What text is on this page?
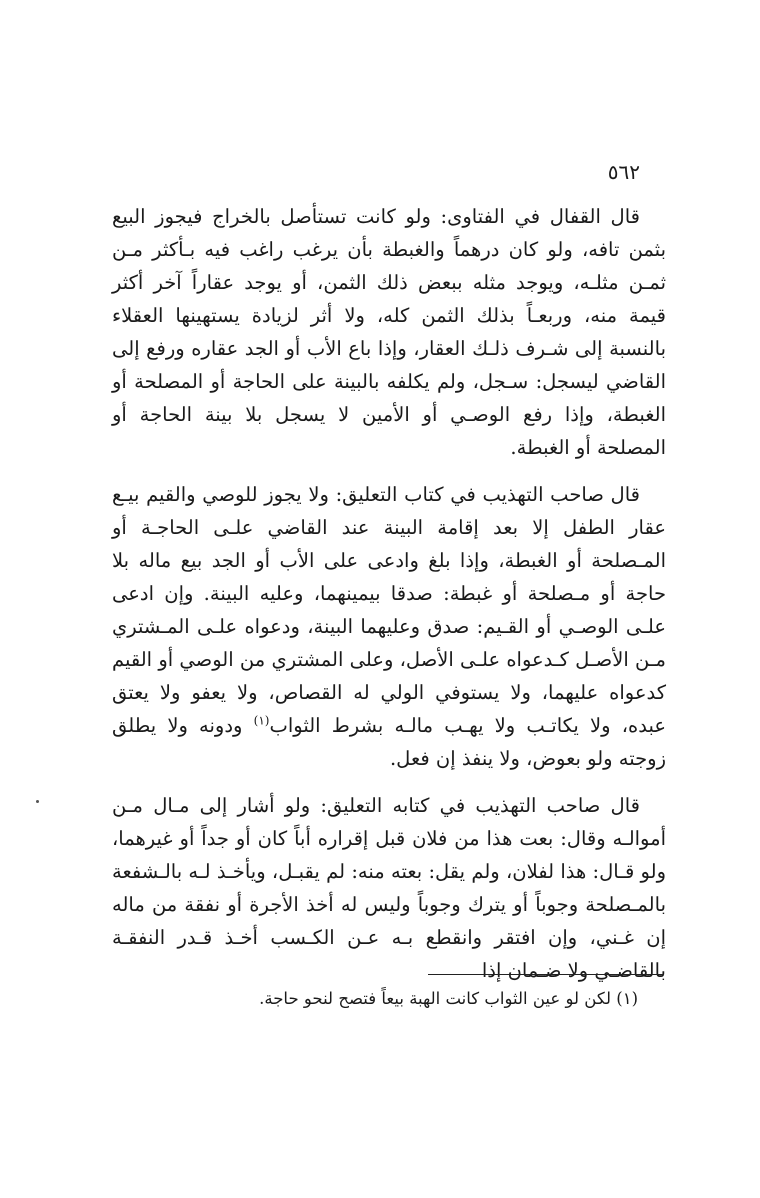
٥٦٢

قال القفال في الفتاوى: ولو كانت تستأصل بالخراج فيجوز البيع بثمن تافه، ولو كان درهماً والغبطة بأن يرغب راغب فيه بـأكثر مـن ثمـن مثلـه، ويوجد مثله ببعض ذلك الثمن، أو يوجد عقاراً آخر أكثر قيمة منه، وربعـاً بذلك الثمن كله، ولا أثر لزيادة يستهينها العقلاء بالنسبة إلى شـرف ذلـك العقار، وإذا باع الأب أو الجد عقاره ورفع إلى القاضي ليسجل: سـجل، ولم يكلفه بالبينة على الحاجة أو المصلحة أو الغبطة، وإذا رفع الوصـي أو الأمين لا يسجل بلا بينة الحاجة أو المصلحة أو الغبطة.

قال صاحب التهذيب في كتاب التعليق: ولا يجوز للوصي والقيم بيـع عقار الطفل إلا بعد إقامة البينة عند القاضي علـى الحاجـة أو المـصلحة أو الغبطة، وإذا بلغ وادعى على الأب أو الجد بيع ماله بلا حاجة أو مـصلحة أو غبطة: صدقا بيمينهما، وعليه البينة. وإن ادعى علـى الوصـي أو القـيم: صدق وعليهما البينة، ودعواه علـى المـشتري مـن الأصـل كـدعواه علـى الأصل، وعلى المشتري من الوصي أو القيم كدعواه عليهما، ولا يستوفي الولي له القصاص، ولا يعفو ولا يعتق عبده، ولا يكاتـب ولا يهـب مالـه بشرط الثواب$^{(١)}$ ودونه ولا يطلق زوجته ولو بعوض، ولا ينفذ إن فعل.

قال صاحب التهذيب في كتابه التعليق: ولو أشار إلى مـال مـن أموالـه وقال: بعت هذا من فلان قبل إقراره أباً كان أو جداً أو غيرهما، ولو قـال: هذا لفلان، ولم يقل: بعته منه: لم يقبـل، ويأخـذ لـه بالـشفعة بالمـصلحة وجوباً أو يترك وجوباً وليس له أخذ الأجرة أو نفقة من ماله إن غـني، وإن افتقر وانقطع بـه عـن الكـسب أخـذ قـدر النفقـة بالقاضـي ولا ضـمان إذا

(١) لكن لو عين الثواب كانت الهبة بيعاً فتصح لنحو حاجة.
